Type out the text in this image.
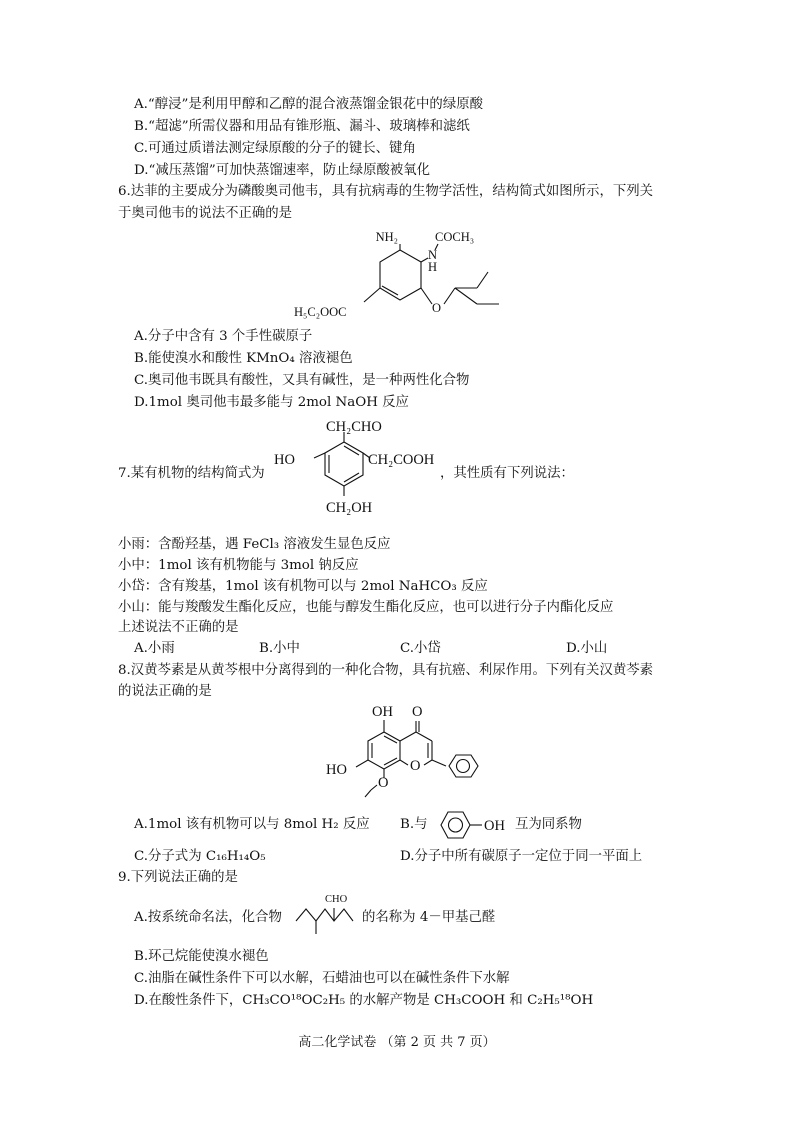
A.“醇浸”是利用甲醇和乙醇的混合液蒸馏金银花中的绿原酸
B.“超滤”所需仪器和用品有锥形瓶、漏斗、玻璃棒和滤纸
C.可通过质谱法测定绿原酸的分子的键长、键角
D.“减压蒸馏”可加快蒸馏速率，防止绿原酸被氧化
6.达菲的主要成分为磷酸奥司他韦，具有抗病毒的生物学活性，结构简式如图所示，下列关
于奥司他韦的说法不正确的是
NH₂	COCH₃
N
H
O
H₅C₂OOC
A.分子中含有 3 个手性碳原子
B.能使溴水和酸性 KMnO₄ 溶液褪色
C.奥司他韦既具有酸性，又具有碱性，是一种两性化合物
D.1mol 奥司他韦最多能与 2mol NaOH 反应
7.某有机物的结构简式为	，其性质有下列说法：
CH₂CHO
HO	CH₂COOH
CH₂OH
小雨：含酚羟基，遇 FeCl₃ 溶液发生显色反应
小中：1mol 该有机物能与 3mol 钠反应
小岱：含有羧基，1mol 该有机物可以与 2mol NaHCO₃ 反应
小山：能与羧酸发生酯化反应，也能与醇发生酯化反应，也可以进行分子内酯化反应
上述说法不正确的是
A.小雨	B.小中	C.小岱	D.小山
8.汉黄芩素是从黄芩根中分离得到的一种化合物，具有抗癌、利尿作用。下列有关汉黄芩素
的说法正确的是
OH O
HO	O
O
A.1mol 该有机物可以与 8mol H₂ 反应 B.与	OH 互为同系物
C.分子式为 C₁₆H₁₄O₅	D.分子中所有碳原子一定位于同一平面上
9.下列说法正确的是
A.按系统命名法，化合物
CHO
的名称为 4－甲基己醛
B.环己烷能使溴水褪色
C.油脂在碱性条件下可以水解，石蜡油也可以在碱性条件下水解
D.在酸性条件下，CH₃CO¹⁸OC₂H₅ 的水解产物是 CH₃COOH 和 C₂H₅¹⁸OH
高二化学试卷 （第 2 页 共 7 页）
